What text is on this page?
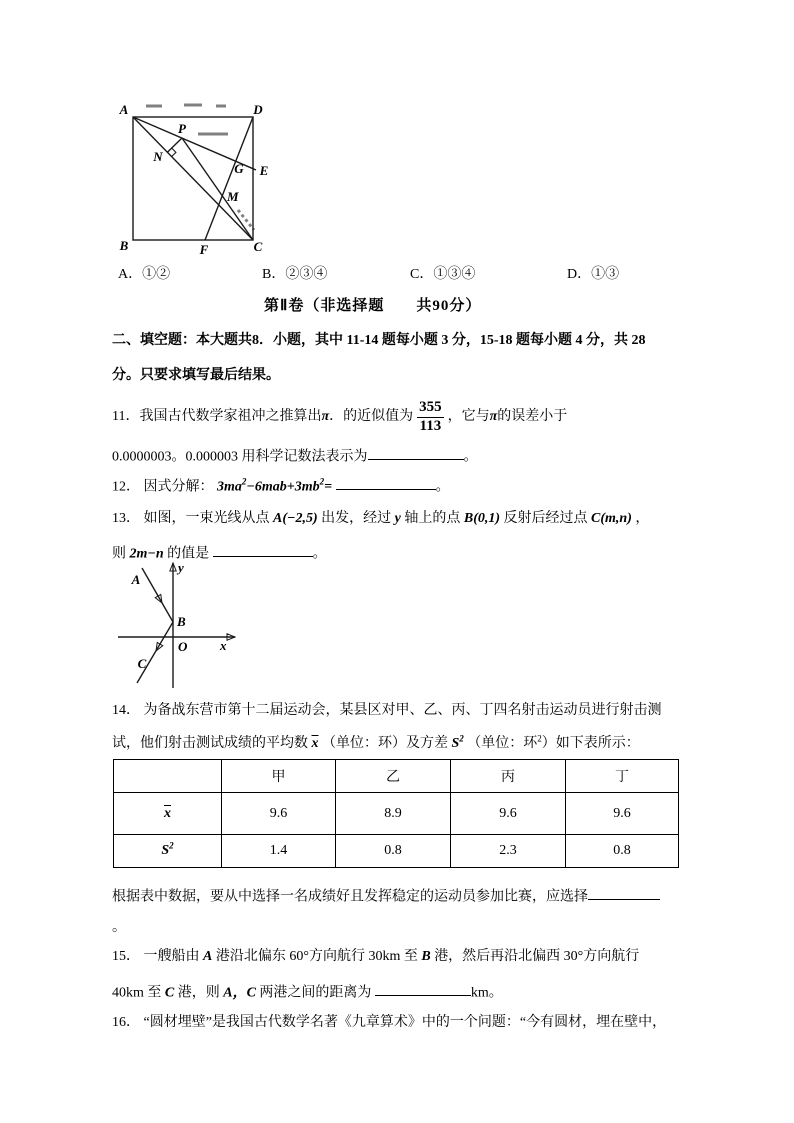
A	D
B	C
F
E
G
M
N
P
A．①②	B．②③④	C．①③④	D．①③
第Ⅱ卷（非选择题　　共90分）
二、填空题：本大题共8．小题，其中 11-14 题每小题 3 分，15-18 题每小题 4 分，共 28
分。只要求填写最后结果。
11． 我国古代数学家祖冲之推算出 π ．的近似值为 $\frac{355}{113}$ ，它与 π 的误差小于
0.0000003。0.000003 用科学记数法表示为	。
12． 因式分解： $3ma^2-6mab+3mb^2=$	。
13． 如图，一束光线从点 A(−2,5) 出发，经过 y 轴上的点 B(0,1) 反射后经过点 C(m,n) ，
则 2m−n 的值是	。
A
B
C
O	x
y
14． 为备战东营市第十二届运动会，某县区对甲、乙、丙、丁四名射击运动员进行射击测
试，他们射击测试成绩的平均数 $\overline{x}$ （单位：环）及方差 $S^2$ （单位：环$^2$）如下表所示：
	甲	乙	丙	丁
$\overline{x}$	9.6	8.9	9.6	9.6
$S^2$	1.4	0.8	2.3	0.8
根据表中数据，要从中选择一名成绩好且发挥稳定的运动员参加比赛，应选择
。
15． 一艘船由 A 港沿北偏东 60°方向航行 30km 至 B 港，然后再沿北偏西 30°方向航行
40km 至 C 港，则 A，C 两港之间的距离为	km。
16． “圆材埋壁”是我国古代数学名著《九章算术》中的一个问题：“今有圆材，埋在壁中，
